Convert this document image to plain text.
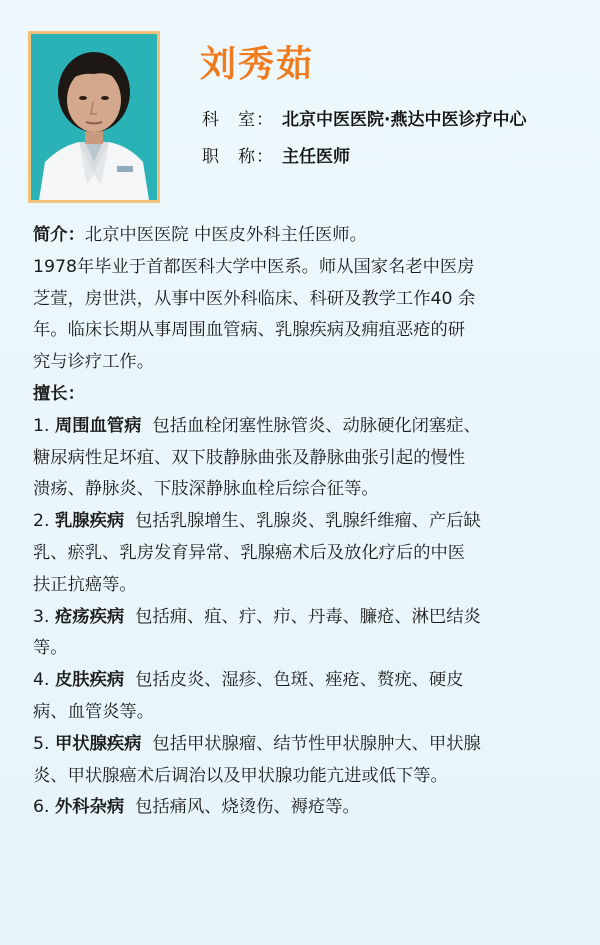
刘秀茹
科　室： 北京中医医院·燕达中医诊疗中心
职　称： 主任医师
简介：北京中医医院 中医皮外科主任医师。
1978年毕业于首都医科大学中医系。师从国家名老中医房
芝萱，房世洪，从事中医外科临床、科研及教学工作40 余
年。临床长期从事周围血管病、乳腺疾病及痈疽恶疮的研
究与诊疗工作。
擅长：
1. 周围血管病 包括血栓闭塞性脉管炎、动脉硬化闭塞症、
糖尿病性足坏疽、双下肢静脉曲张及静脉曲张引起的慢性
溃疡、静脉炎、下肢深静脉血栓后综合征等。
2. 乳腺疾病 包括乳腺增生、乳腺炎、乳腺纤维瘤、产后缺
乳、瘀乳、乳房发育异常、乳腺癌术后及放化疗后的中医
扶正抗癌等。
3. 疮疡疾病 包括痈、疽、疔、疖、丹毒、臁疮、淋巴结炎
等。
4. 皮肤疾病 包括皮炎、湿疹、色斑、痤疮、赘疣、硬皮
病、血管炎等。
5. 甲状腺疾病 包括甲状腺瘤、结节性甲状腺肿大、甲状腺
炎、甲状腺癌术后调治以及甲状腺功能亢进或低下等。
6. 外科杂病 包括痛风、烧烫伤、褥疮等。
